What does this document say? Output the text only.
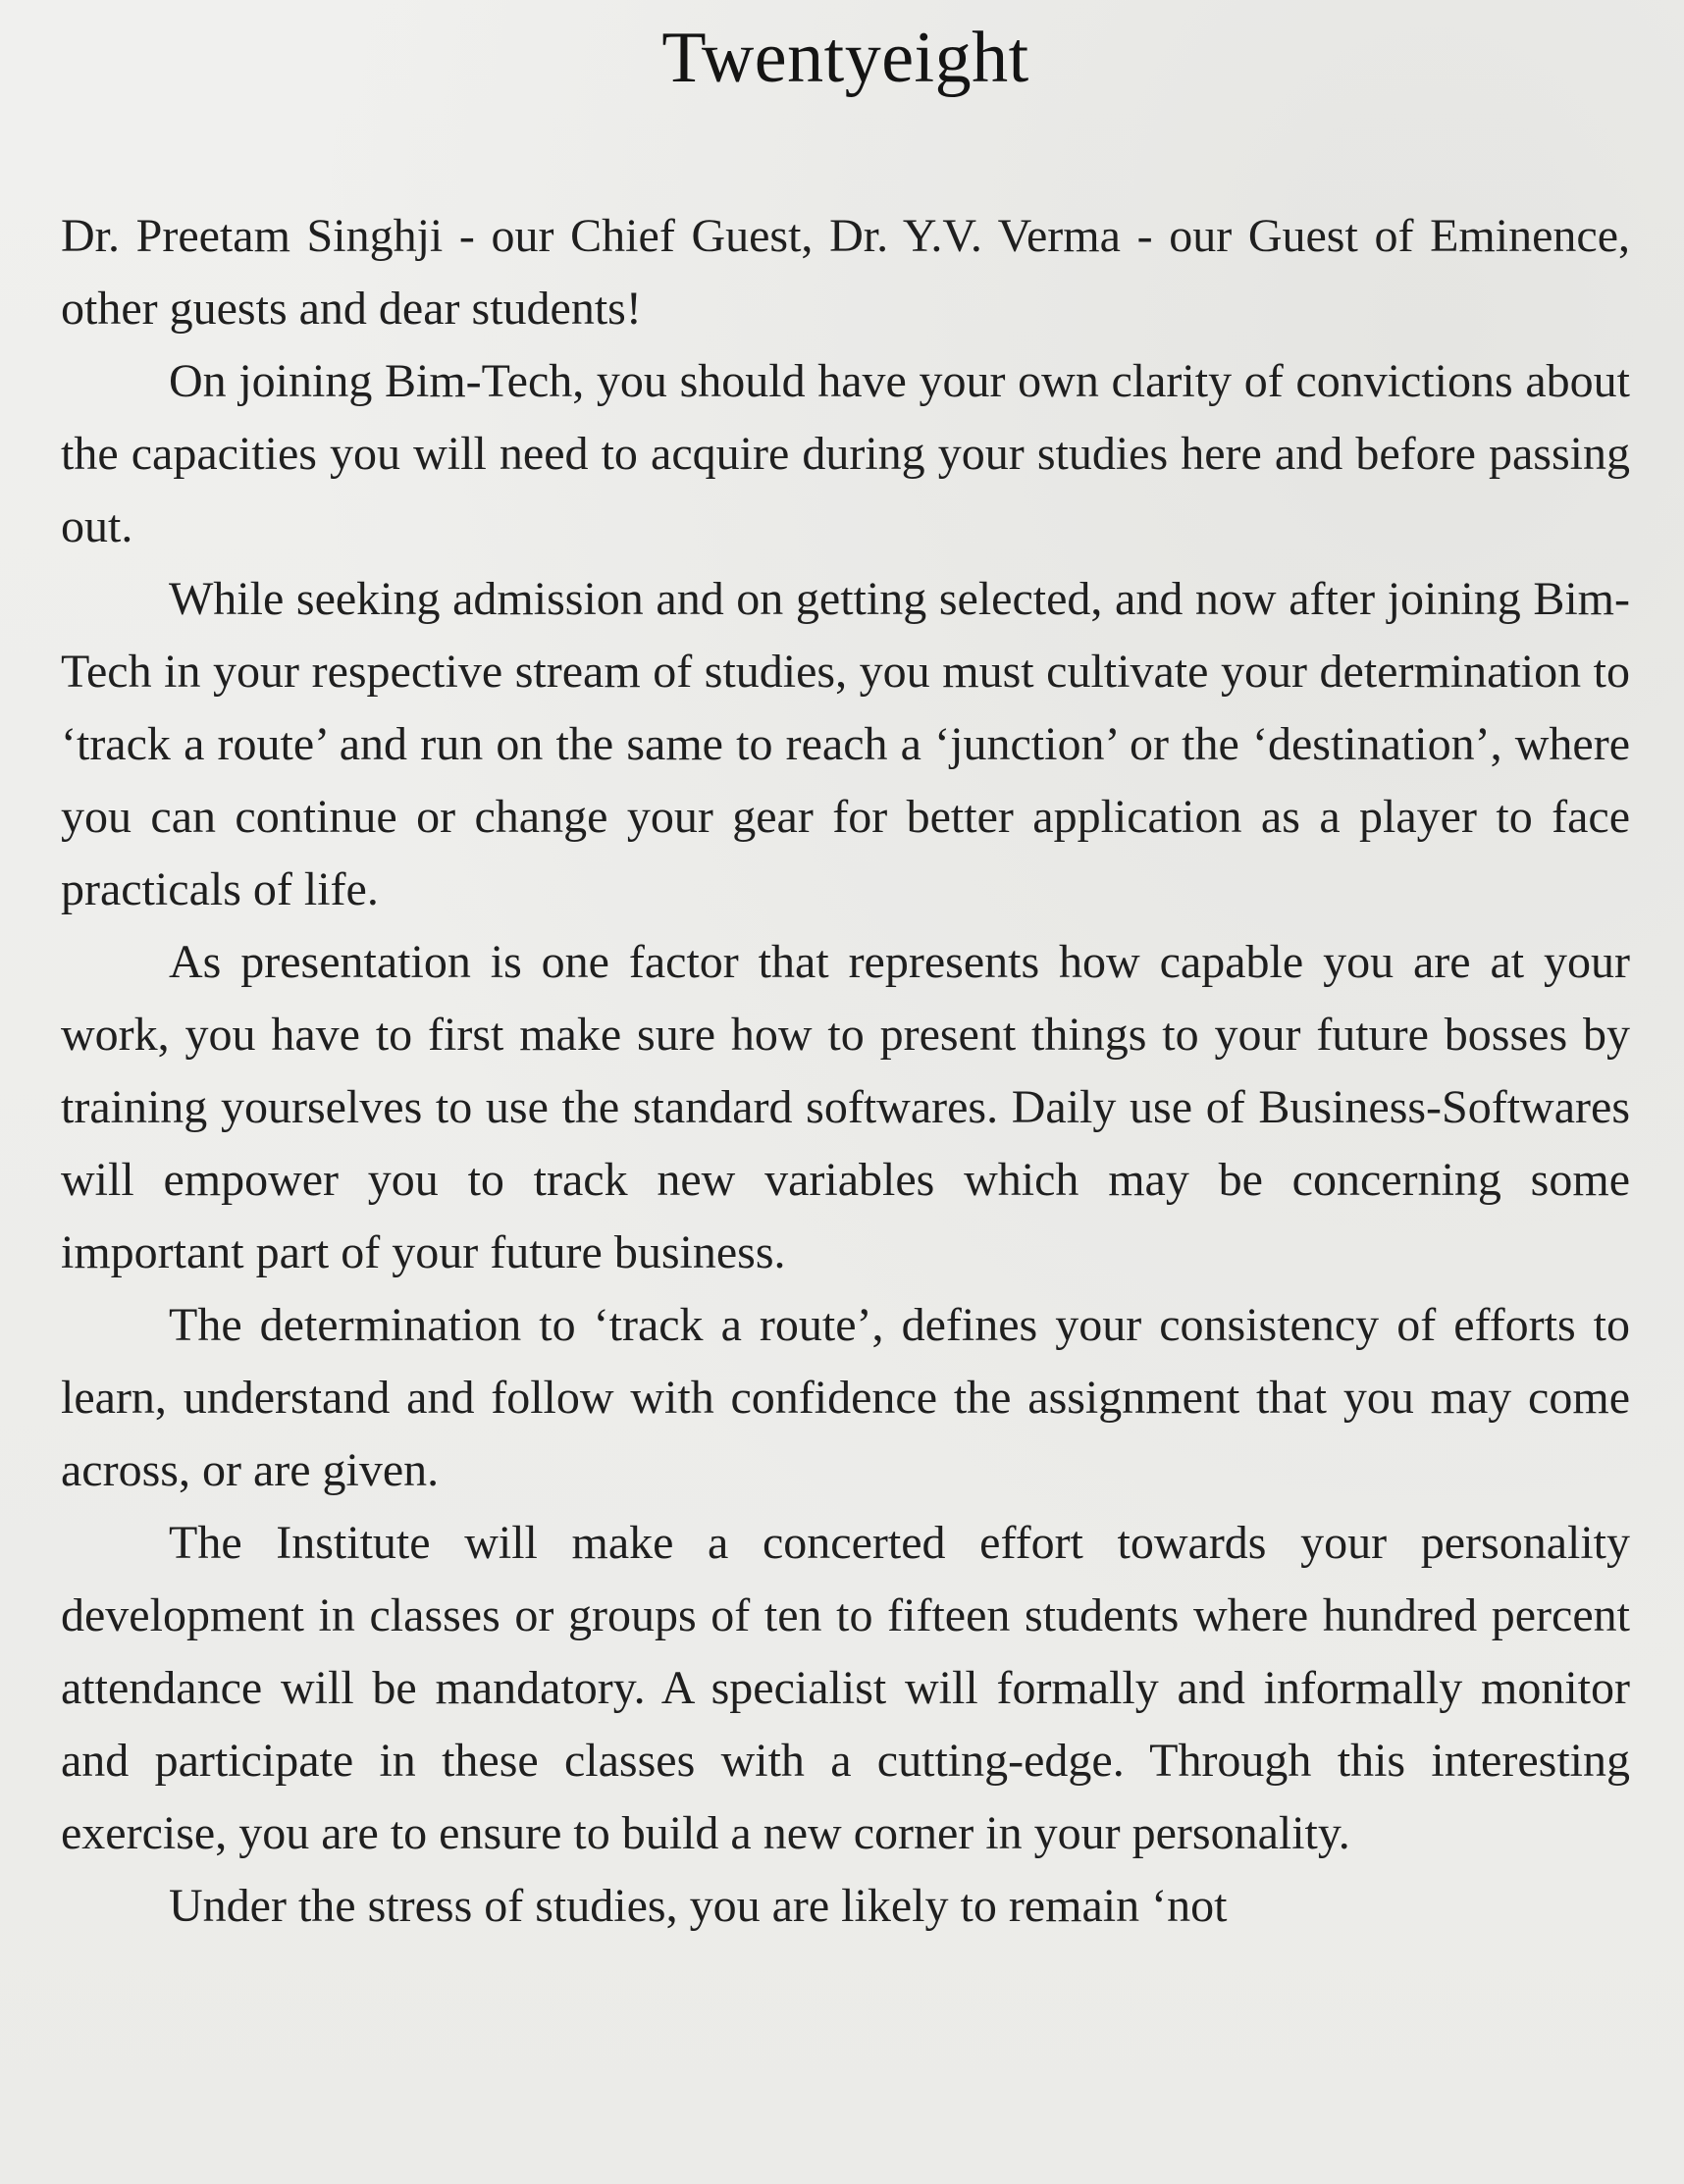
Twentyeight

Dr. Preetam Singhji - our Chief Guest, Dr. Y.V. Verma - our Guest of Eminence, other guests and dear students!

On joining Bim-Tech, you should have your own clarity of convictions about the capacities you will need to acquire during your studies here and before passing out.

While seeking admission and on getting selected, and now after joining Bim-Tech in your respective stream of studies, you must cultivate your determination to ‘track a route’ and run on the same to reach a ‘junction’ or the ‘destination’, where you can continue or change your gear for better application as a player to face practicals of life.

As presentation is one factor that represents how capable you are at your work, you have to first make sure how to present things to your future bosses by training yourselves to use the standard softwares. Daily use of Business-Softwares will empower you to track new variables which may be concerning some important part of your future business.

The determination to ‘track a route’, defines your consistency of efforts to learn, understand and follow with confidence the assignment that you may come across, or are given.

The Institute will make a concerted effort towards your personality development in classes or groups of ten to fifteen students where hundred percent attendance will be mandatory. A specialist will formally and informally monitor and participate in these classes with a cutting-edge. Through this interesting exercise, you are to ensure to build a new corner in your personality.

Under the stress of studies, you are likely to remain ‘not
